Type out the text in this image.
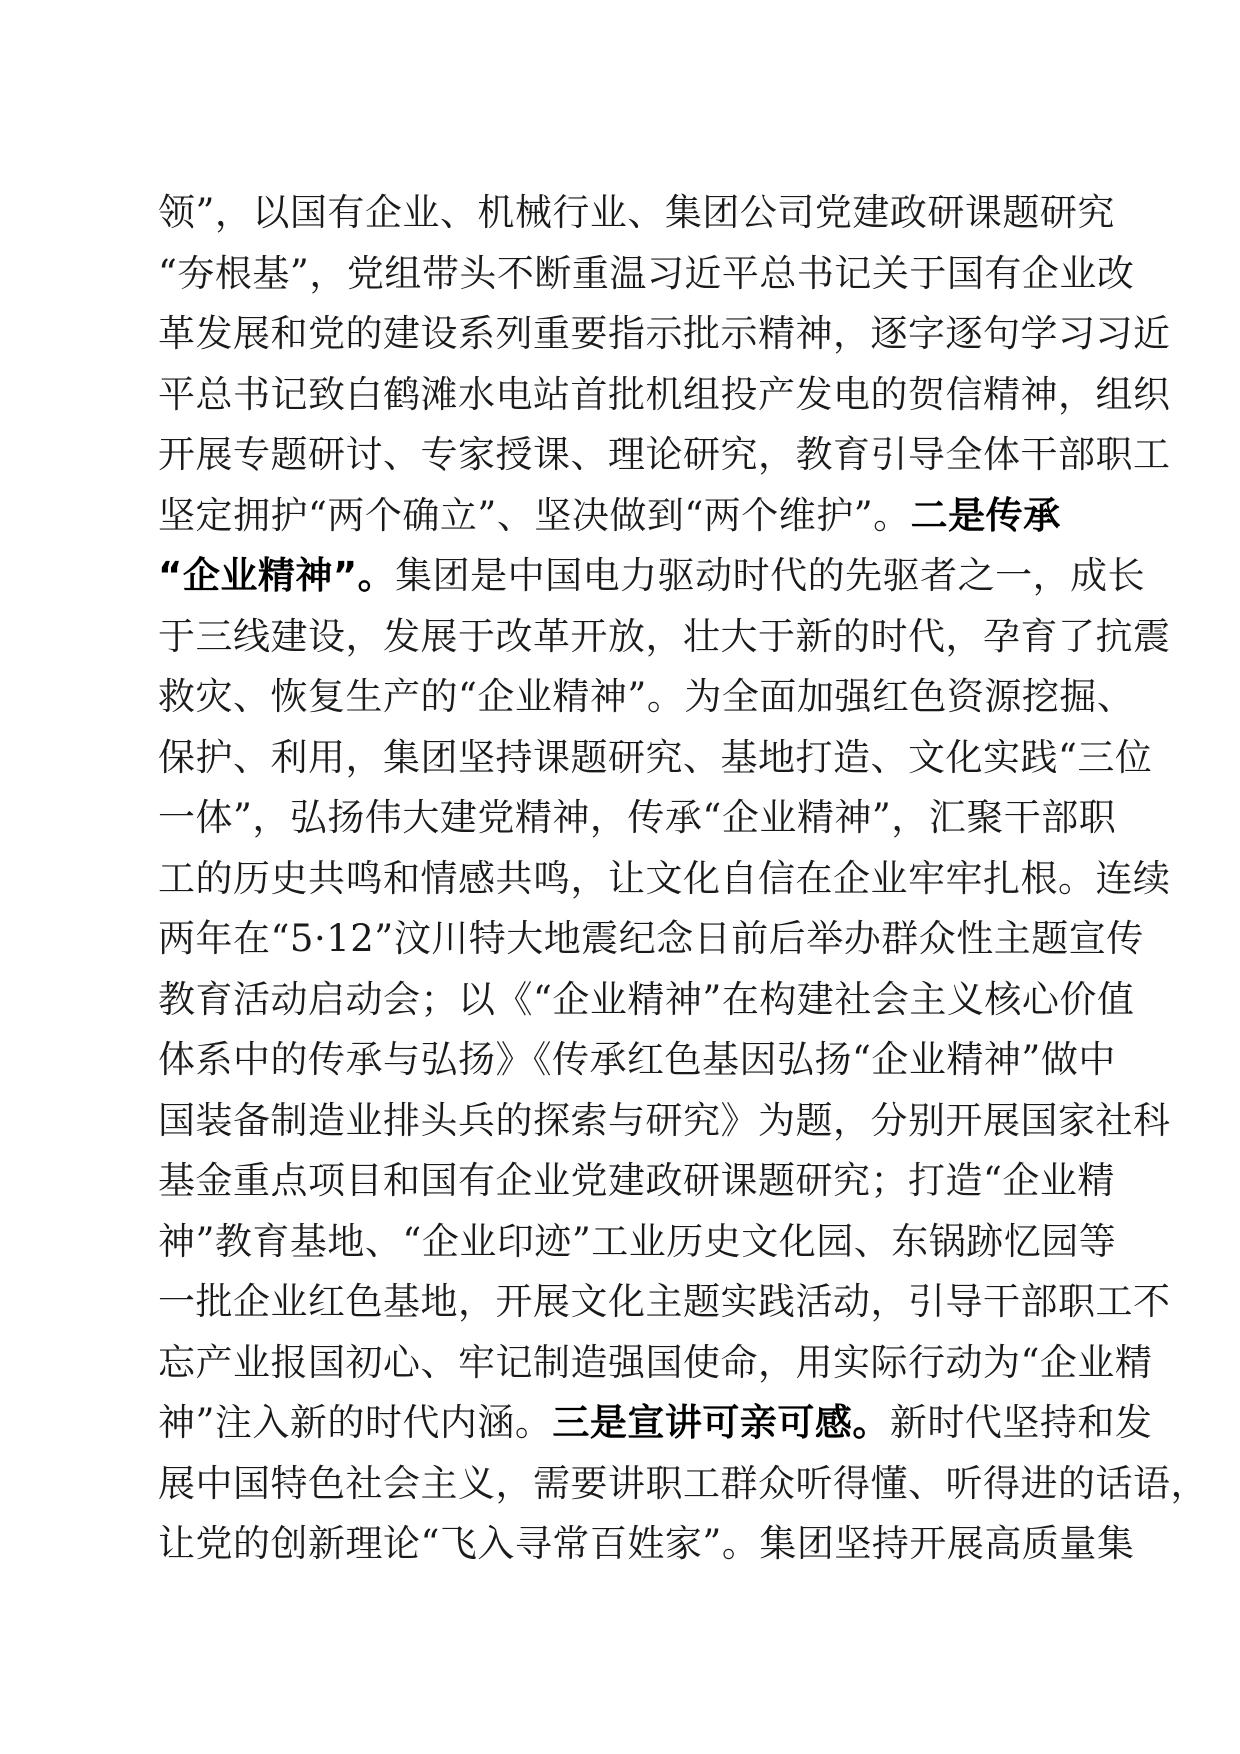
领”，以国有企业、机械行业、集团公司党建政研课题研究
“夯根基”，党组带头不断重温习近平总书记关于国有企业改
革发展和党的建设系列重要指示批示精神，逐字逐句学习习近
平总书记致白鹤滩水电站首批机组投产发电的贺信精神，组织
开展专题研讨、专家授课、理论研究，教育引导全体干部职工
坚定拥护“两个确立”、坚决做到“两个维护”。二是传承
“企业精神”。集团是中国电力驱动时代的先驱者之一，成长
于三线建设，发展于改革开放，壮大于新的时代，孕育了抗震
救灾、恢复生产的“企业精神”。为全面加强红色资源挖掘、
保护、利用，集团坚持课题研究、基地打造、文化实践“三位
一体”，弘扬伟大建党精神，传承“企业精神”，汇聚干部职
工的历史共鸣和情感共鸣，让文化自信在企业牢牢扎根。连续
两年在“5·12”汶川特大地震纪念日前后举办群众性主题宣传
教育活动启动会；以《“企业精神”在构建社会主义核心价值
体系中的传承与弘扬》《传承红色基因弘扬“企业精神”做中
国装备制造业排头兵的探索与研究》为题，分别开展国家社科
基金重点项目和国有企业党建政研课题研究；打造“企业精
神”教育基地、“企业印迹”工业历史文化园、东锅跡忆园等
一批企业红色基地，开展文化主题实践活动，引导干部职工不
忘产业报国初心、牢记制造强国使命，用实际行动为“企业精
神”注入新的时代内涵。三是宣讲可亲可感。新时代坚持和发
展中国特色社会主义，需要讲职工群众听得懂、听得进的话语，
让党的创新理论“飞入寻常百姓家”。集团坚持开展高质量集
